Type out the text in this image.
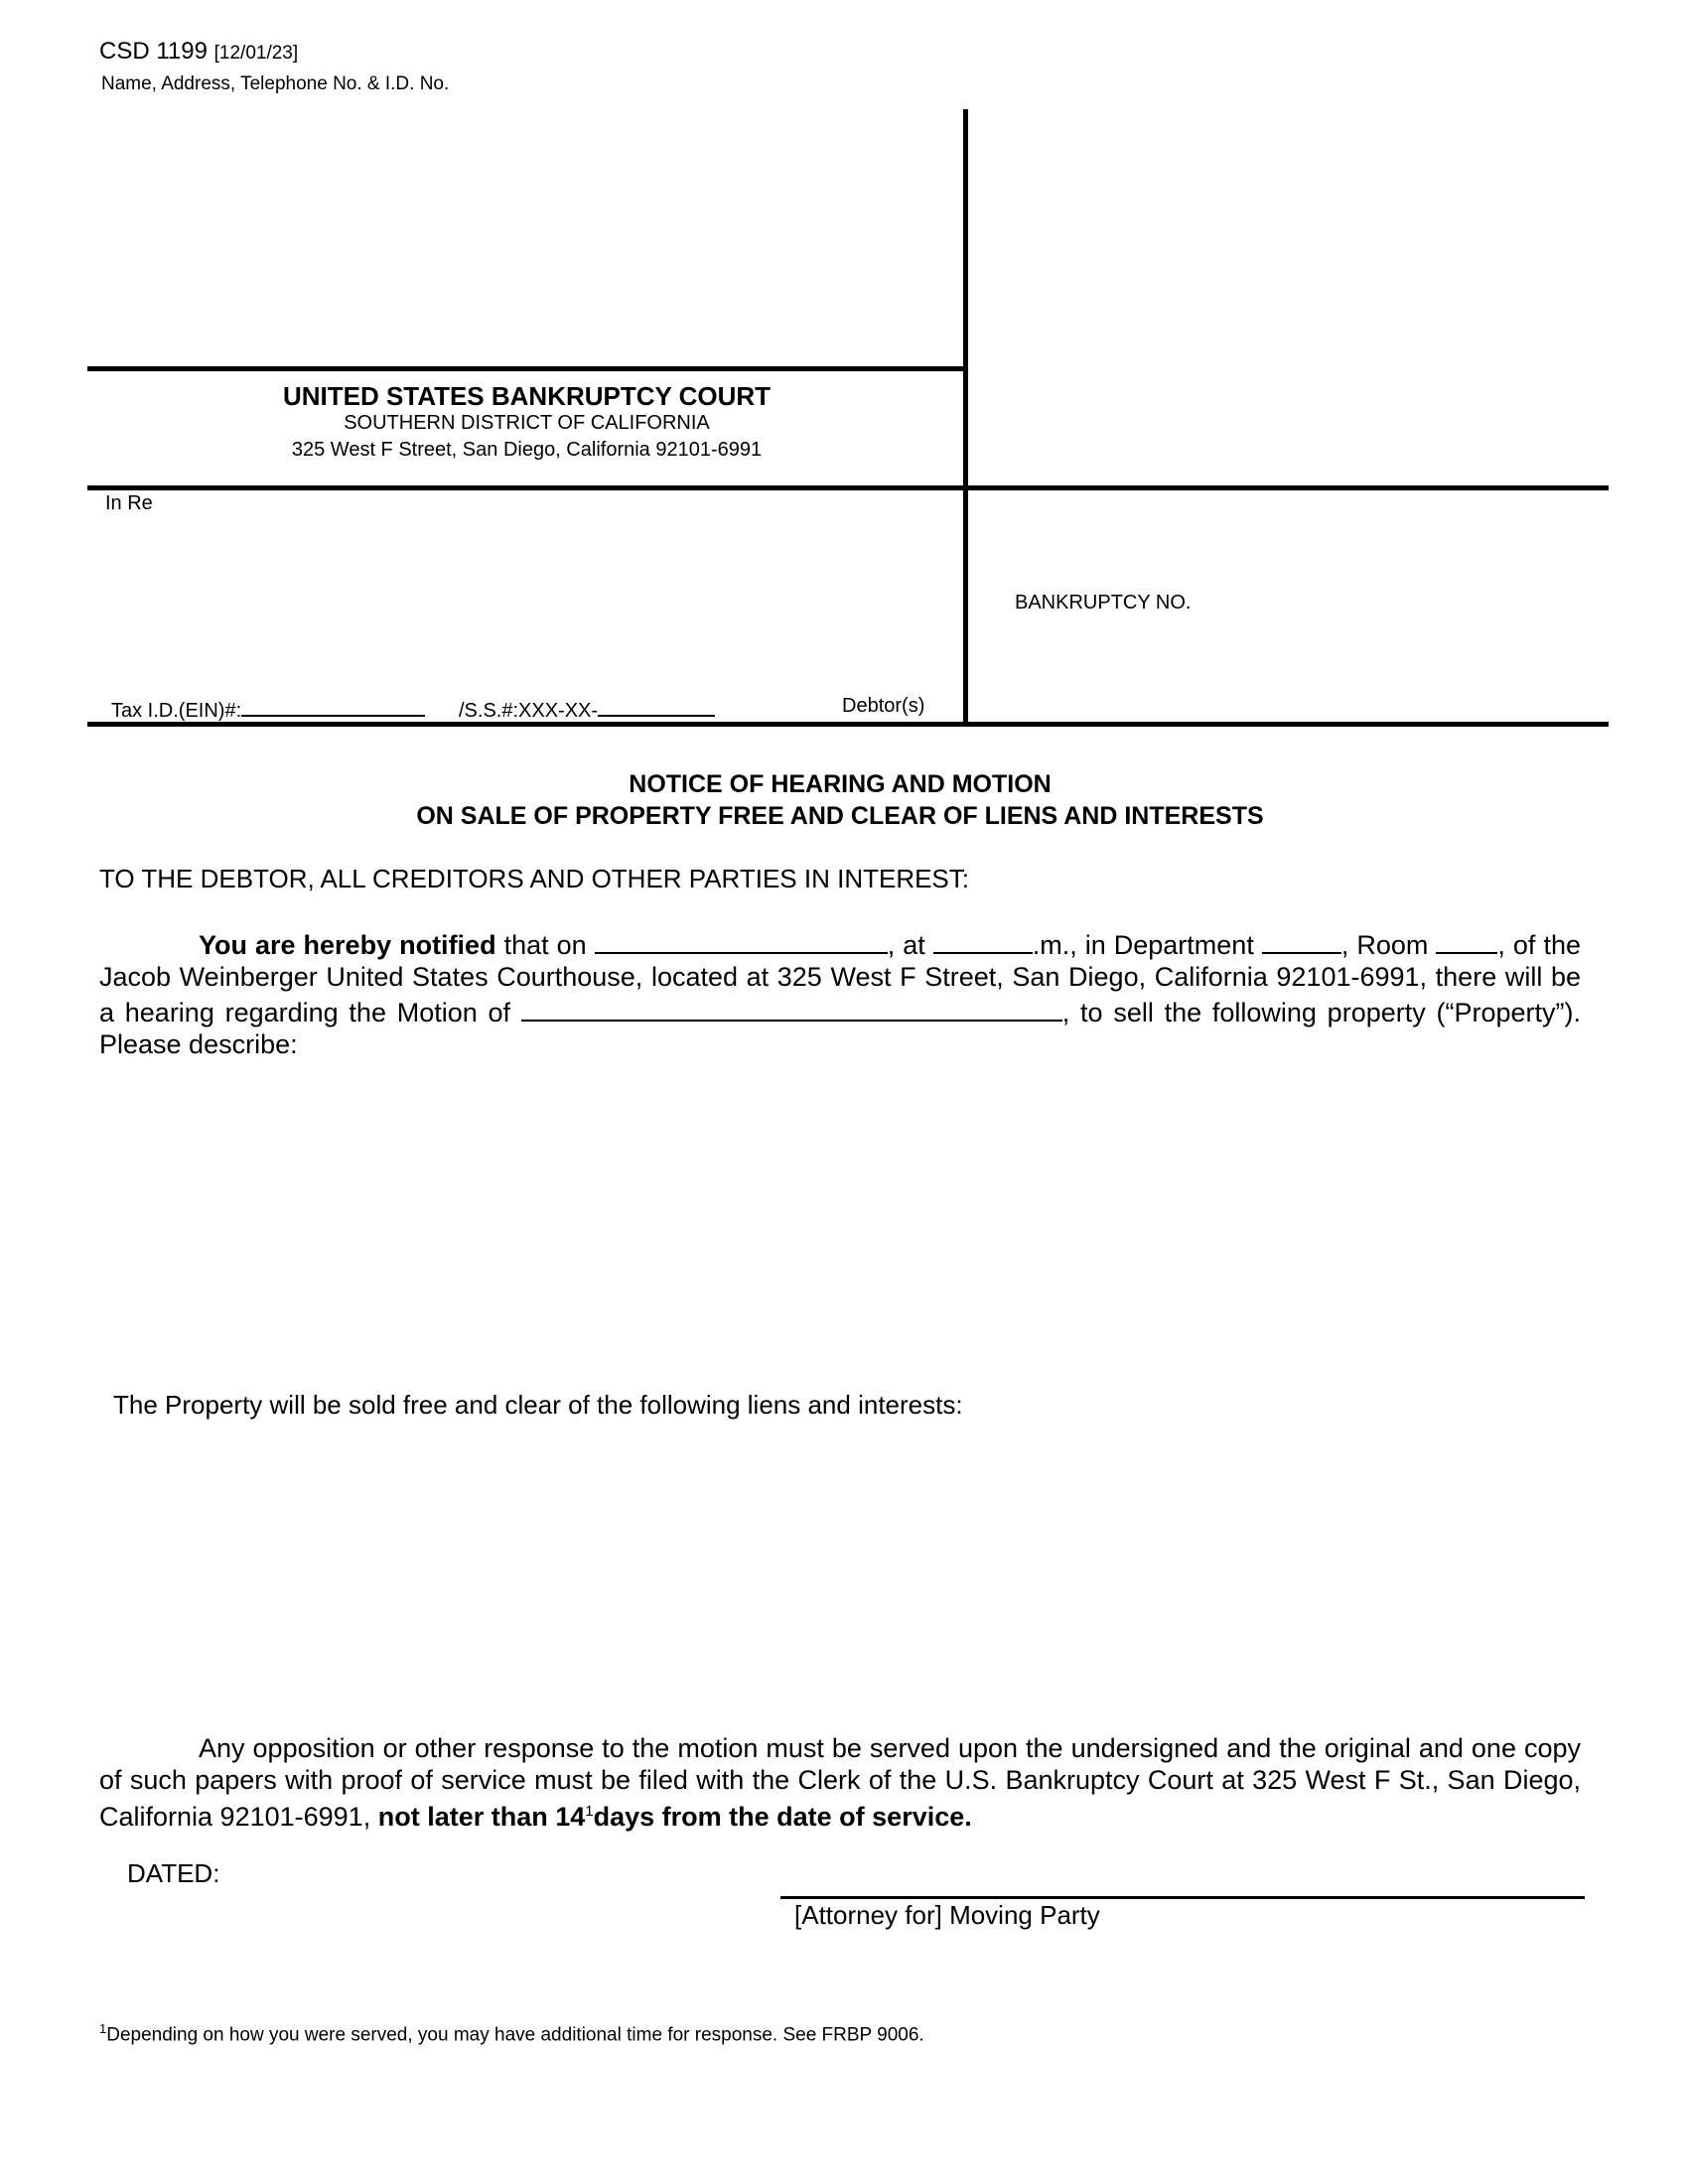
CSD 1199 [12/01/23]
Name, Address, Telephone No. & I.D. No.
UNITED STATES BANKRUPTCY COURT
SOUTHERN DISTRICT OF CALIFORNIA
325 West F Street, San Diego, California 92101-6991
In Re
BANKRUPTCY NO.
Tax I.D.(EIN)#:	/S.S.#:XXX-XX-	Debtor(s)
NOTICE OF HEARING AND MOTION
ON SALE OF PROPERTY FREE AND CLEAR OF LIENS AND INTERESTS
TO THE DEBTOR, ALL CREDITORS AND OTHER PARTIES IN INTEREST:
You are hereby notified that on	, at	.m., in Department	, Room	, of the Jacob Weinberger United States Courthouse, located at 325 West F Street, San Diego, California 92101-6991, there will be a hearing regarding the Motion of	, to sell the following property (“Property”). Please describe:
The Property will be sold free and clear of the following liens and interests:
Any opposition or other response to the motion must be served upon the undersigned and the original and one copy of such papers with proof of service must be filed with the Clerk of the U.S. Bankruptcy Court at 325 West F St., San Diego, California 92101-6991, not later than $14^1days$ from the date of service.
DATED:
[Attorney for] Moving Party
$^1$Depending on how you were served, you may have additional time for response. See FRBP 9006.
